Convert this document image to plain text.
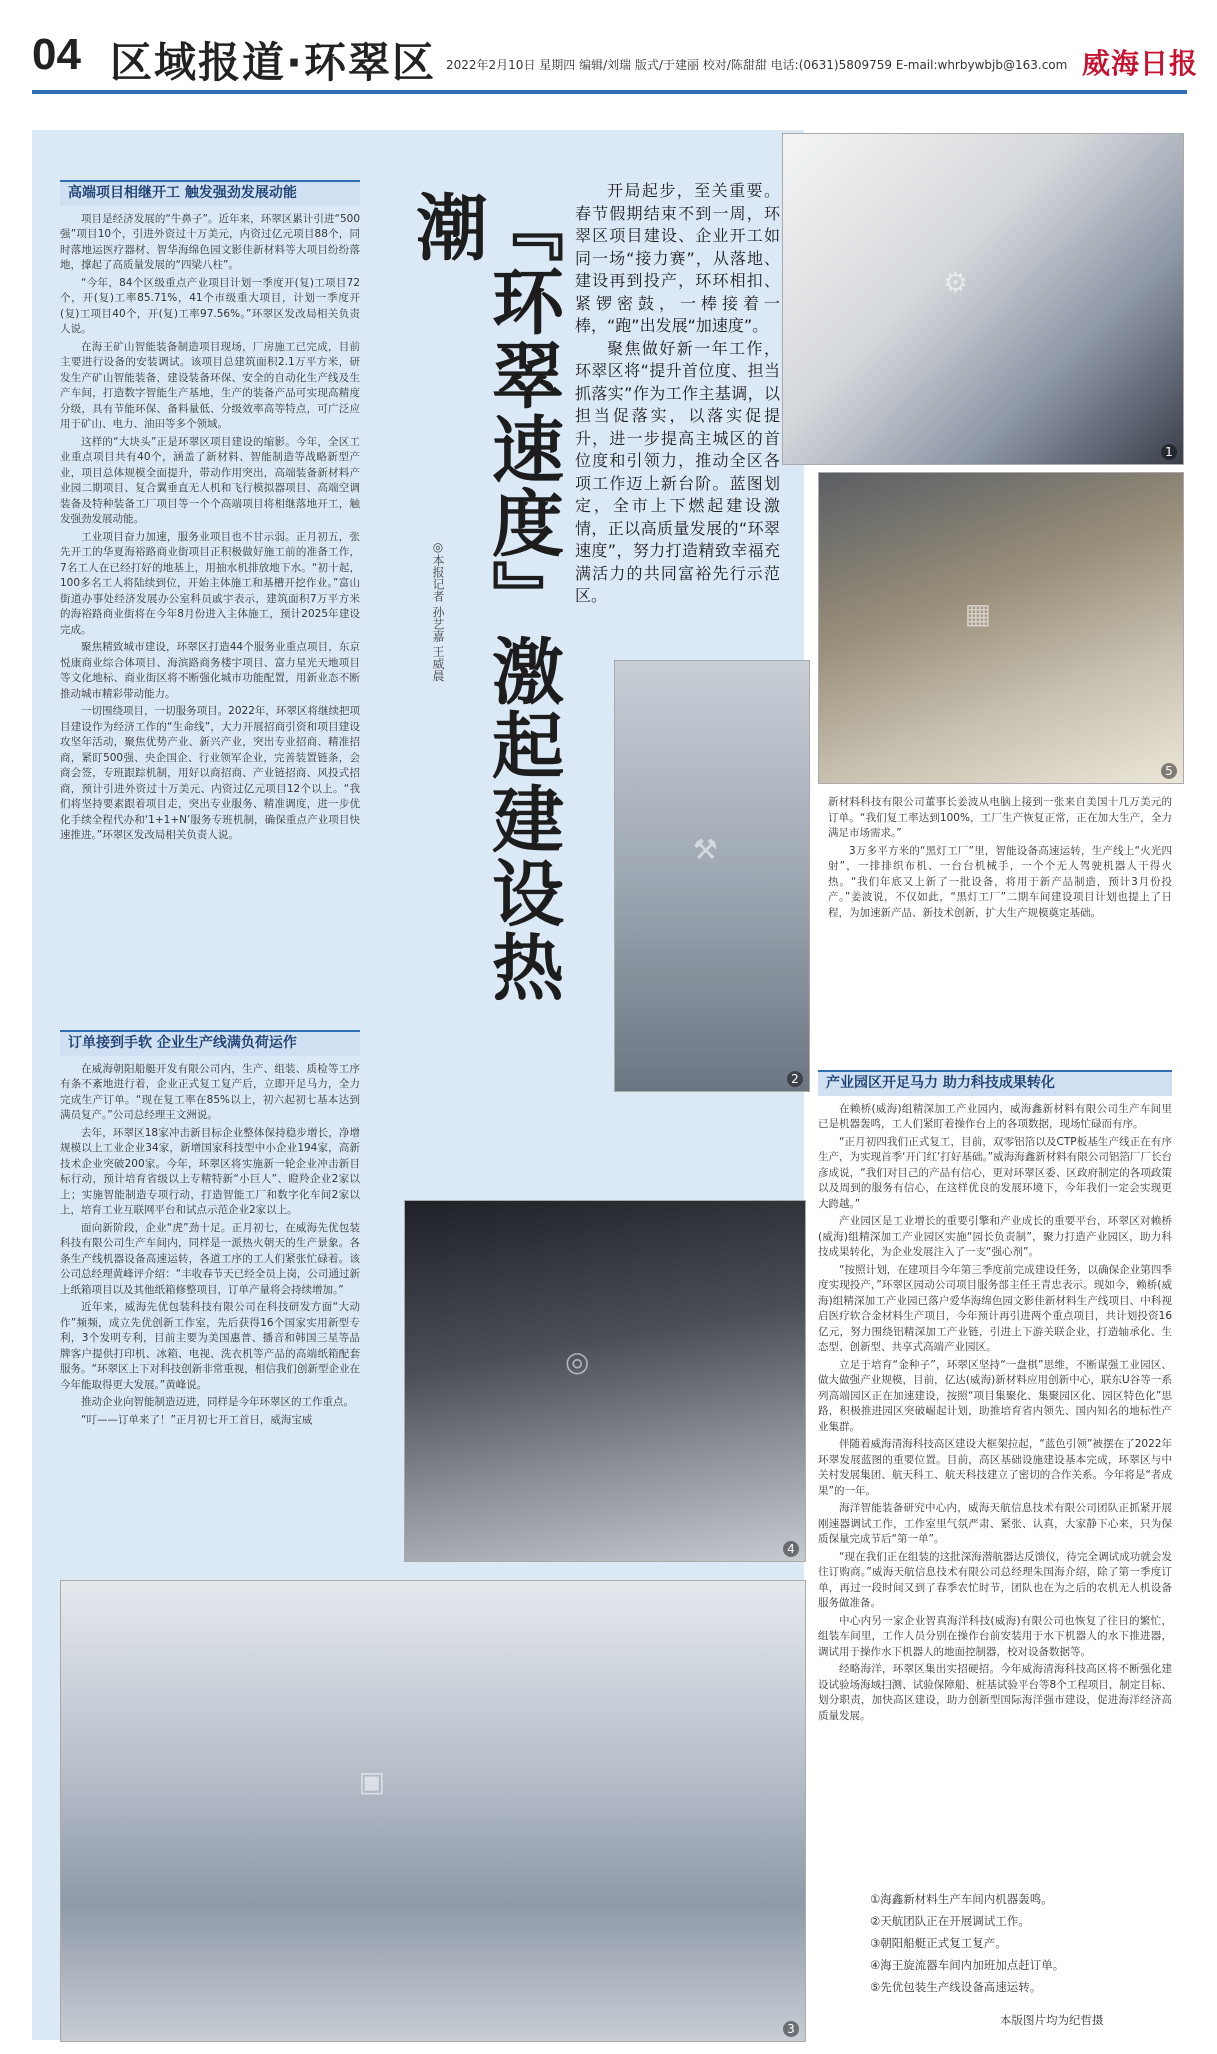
04 区域报道·环翠区 2022年2月10日 星期四 编辑/刘瑞 版式/于建丽 校对/陈甜甜 电话:(0631)5809759 E-mail:whrbywbjb@163.com 威海日报
高端项目相继开工 触发强劲发展动能

项目是经济发展的“牛鼻子”。近年来，环翠区累计引进“500强”项目10个，引进外资过十万美元，内资过亿元项目88个，同时落地运医疗器材、智华海绵色园文影佳新材料等大项目纷纷落地，撑起了高质量发展的“四梁八柱”。

“今年，84个区级重点产业项目计划一季度开(复)工项目72个，开(复)工率85.71%，41个市级重大项目，计划一季度开(复)工项目40个，开(复)工率97.56%。”环翠区发改局相关负责人说。

在海王矿山智能装备制造项目现场，厂房施工已完成，目前主要进行设备的安装调试。该项目总建筑面积2.1万平方米，研发生产矿山智能装备，建设装备环保、安全的自动化生产线及生产车间，打造数字智能生产基地，生产的装备产品可实现高精度分级，具有节能环保、备料量低、分级效率高等特点，可广泛应用于矿山、电力、油田等多个领域。

这样的“大块头”正是环翠区项目建设的缩影。今年，全区工业重点项目共有40个，涵盖了新材料、智能制造等战略新型产业，项目总体规模全面提升，带动作用突出，高端装备新材料产业园二期项目、复合翼垂直无人机和飞行模拟器项目、高端空调装备及特种装备工厂项目等一个个高端项目将相继落地开工，触发强劲发展动能。

工业项目奋力加速，服务业项目也不甘示弱。正月初五，张先开工的华夏海裕路商业街项目正积极做好施工前的准备工作，7名工人在已经打好的地基上，用抽水机排放地下水。“初十起，100多名工人将陆续到位，开始主体施工和基槽开挖作业。”富山街道办事处经济发展办公室科员戚宇表示，建筑面积7万平方米的海裕路商业街将在今年8月份进入主体施工，预计2025年建设完成。

聚焦精致城市建设，环翠区打造44个服务业重点项目，东京悦康商业综合体项目、海滨路商务楼宇项目、富力星光天地项目等文化地标、商业街区将不断强化城市功能配置，用新业态不断推动城市精彩带动能力。

一切围绕项目，一切服务项目。2022年，环翠区将继续把项目建设作为经济工作的“生命线”，大力开展招商引资和项目建设攻坚年活动，聚焦优势产业、新兴产业，突出专业招商、精准招商，紧盯500强、央企国企、行业领军企业，完善装置链条，会商会签，专班跟踪机制，用好以商招商、产业链招商、风投式招商，预计引进外资过十万美元、内资过亿元项目12个以上。“我们将坚持要素跟着项目走，突出专业服务、精准调度，进一步优化手续全程代办和‘1+1+N’服务专班机制，确保重点产业项目快速推进。”环翠区发改局相关负责人说。

订单接到手软 企业生产线满负荷运作

在威海朝阳船艇开发有限公司内，生产、组装、质检等工序有条不紊地进行着，企业正式复工复产后，立即开足马力，全力完成生产订单。“现在复工率在85%以上，初六起初七基本达到满员复产。”公司总经理王文洲说。

去年，环翠区18家冲击新目标企业整体保持稳步增长，净增规模以上工业企业34家，新增国家科技型中小企业194家，高新技术企业突破200家。今年，环翠区将实施新一轮企业冲击新目标行动，预计培育省级以上专精特新“小巨人”、瞪羚企业2家以上；实施智能制造专项行动，打造智能工厂和数字化车间2家以上，培育工业互联网平台和试点示范企业2家以上。

面向新阶段，企业“虎”劲十足。正月初七，在威海先优包装科技有限公司生产车间内，同样是一派热火朝天的生产景象。各条生产线机器设备高速运转，各道工序的工人们紧张忙碌着。该公司总经理黄峰评介绍：“丰收春节天已经全员上岗，公司通过新上纸箱项目以及其他纸箱修整项目，订单产量将会持续增加。”

近年来，威海先优包装科技有限公司在科技研发方面“大动作”频频，成立先优创新工作室，先后获得16个国家实用新型专利，3个发明专利，目前主要为美国惠普、播音和韩国三星等品牌客户提供打印机、冰箱、电视、洗衣机等产品的高端纸箱配套服务。“环翠区上下对科技创新非常重视，相信我们创新型企业在今年能取得更大发展。”黄峰说。

推动企业向智能制造迈进，同样是今年环翠区的工作重点。

“叮——订单来了！”正月初七开工首日，威海宝威

『环翠速度』激起建设热潮
◎本报记者 孙艺嘉 王威晨

开局起步，至关重要。春节假期结束不到一周，环翠区项目建设、企业开工如同一场“接力赛”，从落地、建设再到投产，环环相扣、紧锣密鼓，一棒接着一棒，“跑”出发展“加速度”。

聚焦做好新一年工作，环翠区将“提升首位度、担当抓落实”作为工作主基调，以担当促落实，以落实促提升，进一步提高主城区的首位度和引领力，推动全区各项工作迈上新台阶。蓝图划定，全市上下燃起建设激情，正以高质量发展的“环翠速度”，努力打造精致幸福充满活力的共同富裕先行示范区。

⚙
1
▦
5
⚒
2
◎
4
▣
3

新材料科技有限公司董事长姜波从电脑上接到一张来自美国十几万美元的订单。“我们复工率达到100%，工厂生产恢复正常，正在加大生产，全力满足市场需求。”

3万多平方米的“黑灯工厂”里，智能设备高速运转，生产线上“火光四射”，一排排织布机、一台台机械手，一个个无人驾驶机器人干得火热。“我们年底又上新了一批设备，将用于新产品制造，预计3月份投产。”姜波说，不仅如此，“黑灯工厂”二期车间建设项目计划也提上了日程，为加速新产品、新技术创新，扩大生产规模奠定基础。

产业园区开足马力 助力科技成果转化

在赖桥(威海)组精深加工产业园内，威海鑫新材料有限公司生产车间里已是机器轰鸣，工人们紧盯着操作台上的各项数据，现场忙碌而有序。

“正月初四我们正式复工，目前，双零铝箔以及CTP板基生产线正在有序生产，为实现首季‘开门红’打好基础。”威海海鑫新材料有限公司铝箔厂厂长台彦成说，“我们对目己的产品有信心，更对环翠区委、区政府制定的各项政策以及周到的服务有信心，在这样优良的发展环境下，今年我们一定会实现更大跨越。”

产业园区是工业增长的重要引擎和产业成长的重要平台，环翠区对赖桥(威海)组精深加工产业园区实施“园长负责制”，聚力打造产业园区，助力科技成果转化，为企业发展注入了一支“强心剂”。

“按照计划，在建项目今年第三季度前完成建设任务，以确保企业第四季度实现投产，”环翠区园动公司项目服务部主任王青忠表示。现如今，赖桥(威海)组精深加工产业园已落户爱华海绵色园文影佳新材料生产线项目、中科视启医疗软合金材料生产项目，今年预计再引进两个重点项目，共计划投资16亿元，努力围绕铝精深加工产业链，引进上下游关联企业，打造轴承化、生态型、创新型、共享式高端产业园区。

立足于培育“金种子”，环翠区坚持“一盘棋”思维，不断谋强工业园区、做大做强产业规模，目前，亿达(威海)新材料应用创新中心，联东U谷等一系列高端园区正在加速建设，按照“项目集聚化、集聚园区化、园区特色化”思路，积极推进园区突破崛起计划，助推培育省内领先、国内知名的地标性产业集群。

伴随着威海清海科技高区建设大框架拉起，“蓝色引领”被摆在了2022年环翠发展蓝图的重要位置。目前，高区基础设施建设基本完成，环翠区与中关村发展集团、航天科工、航天科技建立了密切的合作关系。今年将是“者成果”的一年。

海洋智能装备研究中心内，威海天航信息技术有限公司团队正抓紧开展刚速器调试工作，工作室里气氛严肃、紧张、认真，大家静下心来，只为保质保量完成节后“第一单”。

“现在我们正在组装的这批深海潜航器达反馈仪，待完全调试成功就会发往订购商。”威海天航信息技术有限公司总经理朱国海介绍，除了第一季度订单，再过一段时间又到了春季农忙时节，团队也在为之后的农机无人机设备服务做准备。

中心内另一家企业智真海洋科技(威海)有限公司也恢复了往日的繁忙，组装车间里，工作人员分别在操作台前安装用于水下机器人的水下推进器，调试用于操作水下机器人的地面控制器，校对设备数据等。

经略海洋，环翠区集出实招硬招。今年威海清海科技高区将不断强化建设试验场海域扫测、试验保障船、桩基试验平台等8个工程项目，制定目标、划分职责，加快高区建设，助力创新型国际海洋强市建设，促进海洋经济高质量发展。

①海鑫新材料生产车间内机器轰鸣。
②天航团队正在开展调试工作。
③朝阳船艇正式复工复产。
④海王旋流器车间内加班加点赶订单。
⑤先优包装生产线设备高速运转。
本版图片均为纪哲摄
